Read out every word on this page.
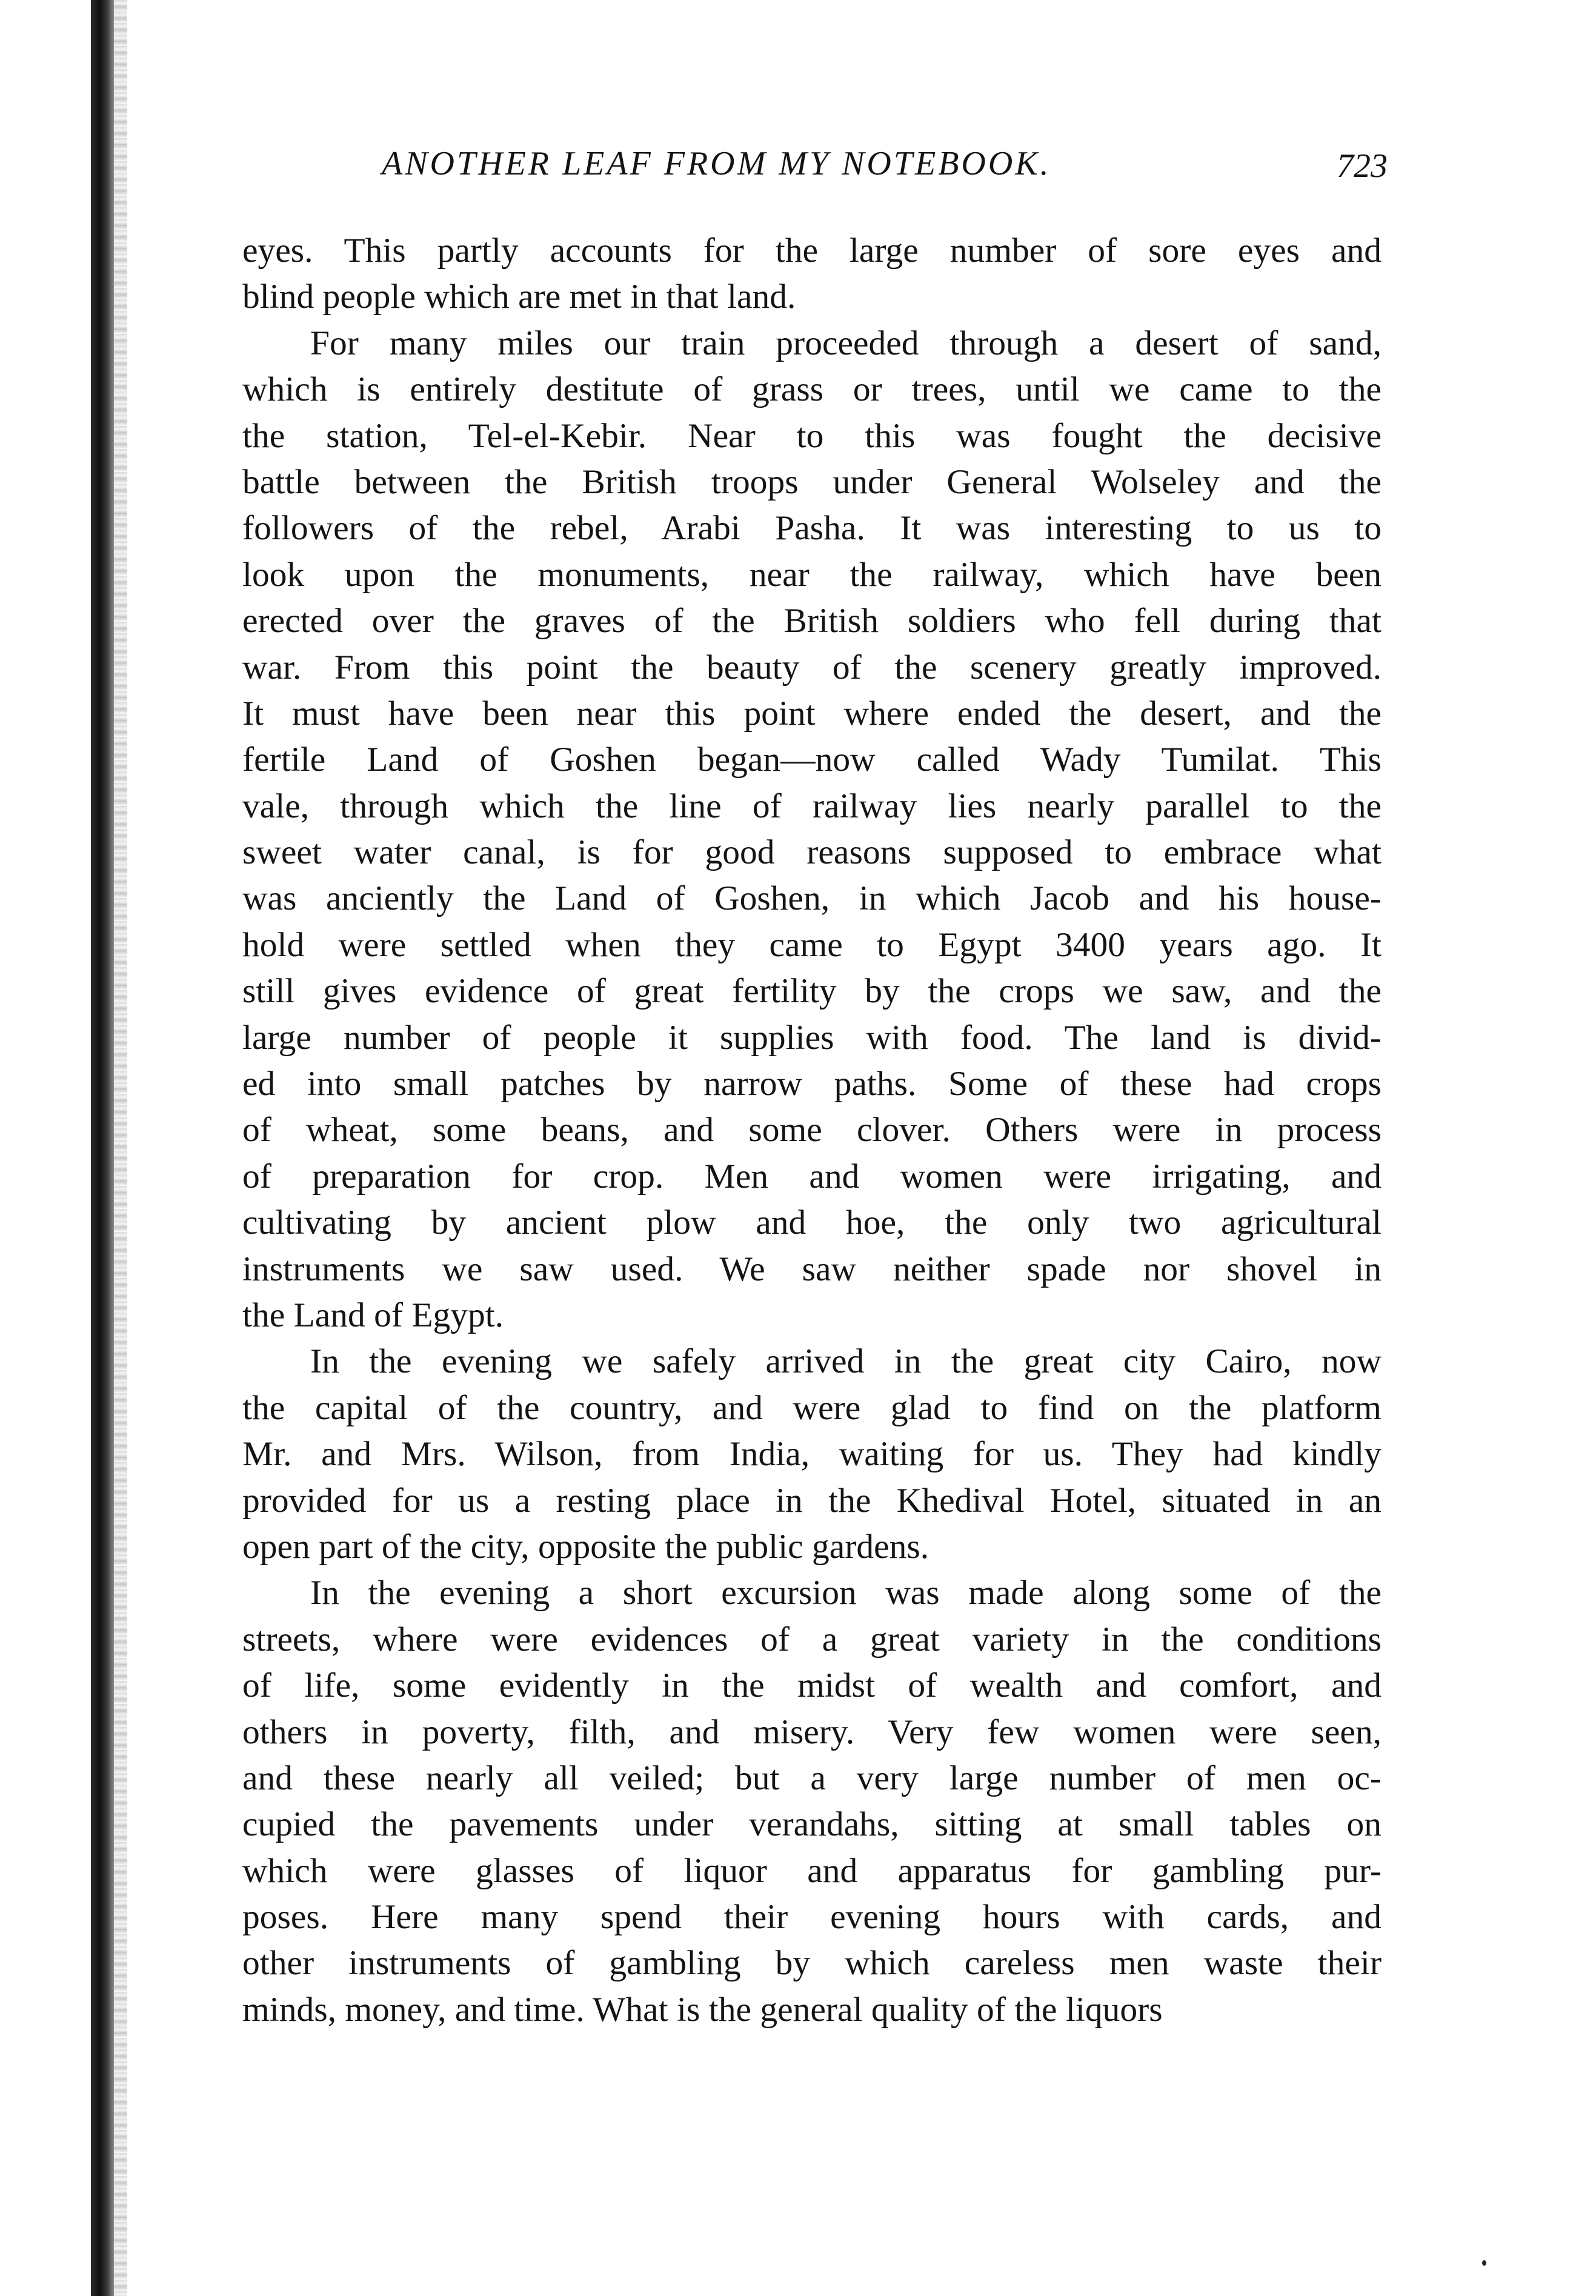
ANOTHER LEAF FROM MY NOTEBOOK.	723
eyes. This partly accounts for the large number of sore eyes and
blind people which are met in that land.
For many miles our train proceeded through a desert of sand,
which is entirely destitute of grass or trees, until we came to the
the station, Tel-el-Kebir. Near to this was fought the decisive
battle between the British troops under General Wolseley and the
followers of the rebel, Arabi Pasha. It was interesting to us to
look upon the monuments, near the railway, which have been
erected over the graves of the British soldiers who fell during that
war. From this point the beauty of the scenery greatly improved.
It must have been near this point where ended the desert, and the
fertile Land of Goshen began—now called Wady Tumilat. This
vale, through which the line of railway lies nearly parallel to the
sweet water canal, is for good reasons supposed to embrace what
was anciently the Land of Goshen, in which Jacob and his house-
hold were settled when they came to Egypt 3400 years ago. It
still gives evidence of great fertility by the crops we saw, and the
large number of people it supplies with food. The land is divid-
ed into small patches by narrow paths. Some of these had crops
of wheat, some beans, and some clover. Others were in process
of preparation for crop. Men and women were irrigating, and
cultivating by ancient plow and hoe, the only two agricultural
instruments we saw used. We saw neither spade nor shovel in
the Land of Egypt.
In the evening we safely arrived in the great city Cairo, now
the capital of the country, and were glad to find on the platform
Mr. and Mrs. Wilson, from India, waiting for us. They had kindly
provided for us a resting place in the Khedival Hotel, situated in an
open part of the city, opposite the public gardens.
In the evening a short excursion was made along some of the
streets, where were evidences of a great variety in the conditions
of life, some evidently in the midst of wealth and comfort, and
others in poverty, filth, and misery. Very few women were seen,
and these nearly all veiled; but a very large number of men oc-
cupied the pavements under verandahs, sitting at small tables on
which were glasses of liquor and apparatus for gambling pur-
poses. Here many spend their evening hours with cards, and
other instruments of gambling by which careless men waste their
minds, money, and time. What is the general quality of the liquors
